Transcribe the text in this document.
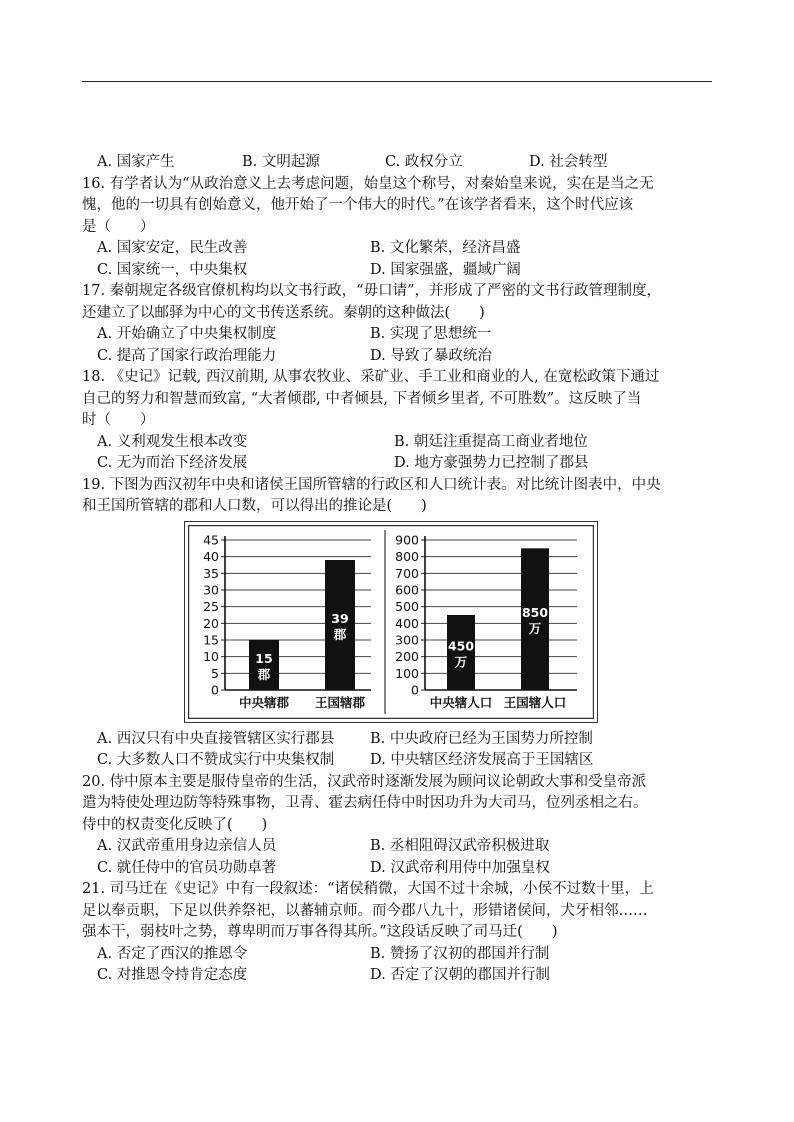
A. 国家产生	B. 文明起源	C. 政权分立	D. 社会转型
16. 有学者认为“从政治意义上去考虑问题，始皇这个称号，对秦始皇来说，实在是当之无
愧，他的一切具有创始意义，他开始了一个伟大的时代。”在该学者看来，这个时代应该
是（　　）
A. 国家安定，民生改善	B. 文化繁荣，经济昌盛
C. 国家统一，中央集权	D. 国家强盛，疆域广阔
17. 秦朝规定各级官僚机构均以文书行政，“毋口请”，并形成了严密的文书行政管理制度，
还建立了以邮驿为中心的文书传送系统。秦朝的这种做法(　　)
A. 开始确立了中央集权制度	B. 实现了思想统一
C. 提高了国家行政治理能力	D. 导致了暴政统治
18. 《史记》记载, 西汉前期, 从事农牧业、采矿业、手工业和商业的人, 在宽松政策下通过
自己的努力和智慧而致富, “大者倾郡, 中者倾县, 下者倾乡里者, 不可胜数”。这反映了当
时（　　）
A. 义利观发生根本改变	B. 朝廷注重提高工商业者地位
C. 无为而治下经济发展	D. 地方豪强势力已控制了郡县
19. 下图为西汉初年中央和诸侯王国所管辖的行政区和人口统计表。对比统计图表中，中央
和王国所管辖的郡和人口数，可以得出的推论是(　　)
0
5
10
15
20
25
30
35
40
45
15
郡
中央辖郡
39
郡
王国辖郡
0
100
200
300
400
500
600
700
800
900
450
万
中央辖人口
850
万
王国辖人口
A. 西汉只有中央直接管辖区实行郡县 B. 中央政府已经为王国势力所控制
C. 大多数人口不赞成实行中央集权制 D. 中央辖区经济发展高于王国辖区
20. 侍中原本主要是服侍皇帝的生活，汉武帝时逐渐发展为顾问议论朝政大事和受皇帝派
遣为特使处理边防等特殊事物，卫青、霍去病任侍中时因功升为大司马，位列丞相之右。
侍中的权责变化反映了(　　)
A. 汉武帝重用身边亲信人员	B. 丞相阻碍汉武帝积极进取
C. 就任侍中的官员功勋卓著	D. 汉武帝利用侍中加强皇权
21. 司马迁在《史记》中有一段叙述：“诸侯稍微，大国不过十余城，小侯不过数十里，上
足以奉贡职，下足以供养祭祀，以蕃辅京师。而今郡八九十，形错诸侯间，犬牙相邻……
强本干，弱枝叶之势，尊卑明而万事各得其所。”这段话反映了司马迁(　　)
A. 否定了西汉的推恩令	B. 赞扬了汉初的郡国并行制
C. 对推恩令持肯定态度	D. 否定了汉朝的郡国并行制
